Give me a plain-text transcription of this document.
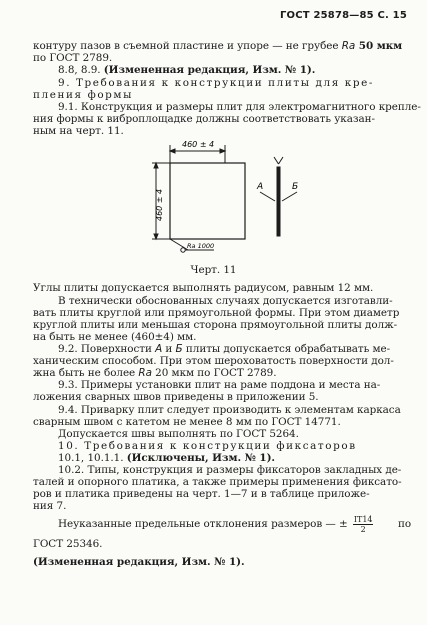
ГОСТ 25878—85 С. 15
контуру пазов в съемной пластине и упоре — не грубее Ra 50 мкм
по ГОСТ 2789.
8.8, 8.9. (Измененная редакция, Изм. № 1).
9. Требования к конструкции плиты для кре-
пления формы
9.1. Конструкция и размеры плит для электромагнитного крепле-
ния формы к виброплощадке должны соответствовать указан-
ным на черт. 11.
460 ± 4
460 ± 4
Ra 1000
А	Б
Черт. 11
Углы плиты допускается выполнять радиусом, равным 12 мм.
В технически обоснованных случаях допускается изготавли-
вать плиты круглой или прямоугольной формы. При этом диаметр
круглой плиты или меньшая сторона прямоугольной плиты долж-
на быть не менее (460±4) мм.
9.2. Поверхности А и Б плиты допускается обрабатывать ме-
ханическим способом. При этом шероховатость поверхности дол-
жна быть не более Ra 20 мкм по ГОСТ 2789.
9.3. Примеры установки плит на раме поддона и места на-
ложения сварных швов приведены в приложении 5.
9.4. Приварку плит следует производить к элементам каркаса
сварным швом с катетом не менее 8 мм по ГОСТ 14771.
Допускается швы выполнять по ГОСТ 5264.
10. Требования к конструкции фиксаторов
10.1, 10.1.1. (Исключены, Изм. № 1).
10.2. Типы, конструкция и размеры фиксаторов закладных де-
талей и опорного платика, а также примеры применения фиксато-
ров и платика приведены на черт. 1—7 и в таблице приложе-
ния 7.
Неуказанные предельные отклонения размеров — ± $\frac{IT14}{2}$ по
ГОСТ 25346.
(Измененная редакция, Изм. № 1).
